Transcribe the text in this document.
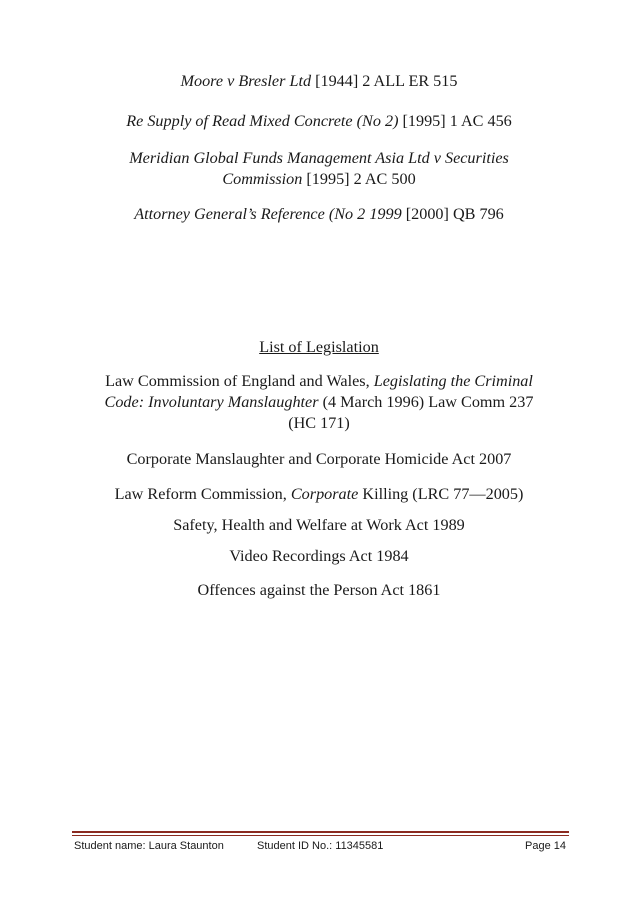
Moore v Bresler Ltd [1944] 2 ALL ER 515
Re Supply of Read Mixed Concrete (No 2) [1995] 1 AC 456
Meridian Global Funds Management Asia Ltd v Securities
Commission [1995] 2 AC 500
Attorney General’s Reference (No 2 1999 [2000] QB 796
List of Legislation
Law Commission of England and Wales, Legislating the Criminal
Code: Involuntary Manslaughter (4 March 1996) Law Comm 237
(HC 171)
Corporate Manslaughter and Corporate Homicide Act 2007
Law Reform Commission, Corporate Killing (LRC 77—2005)
Safety, Health and Welfare at Work Act 1989
Video Recordings Act 1984
Offences against the Person Act 1861
Student name: Laura Staunton	Student ID No.: 11345581	Page 14
